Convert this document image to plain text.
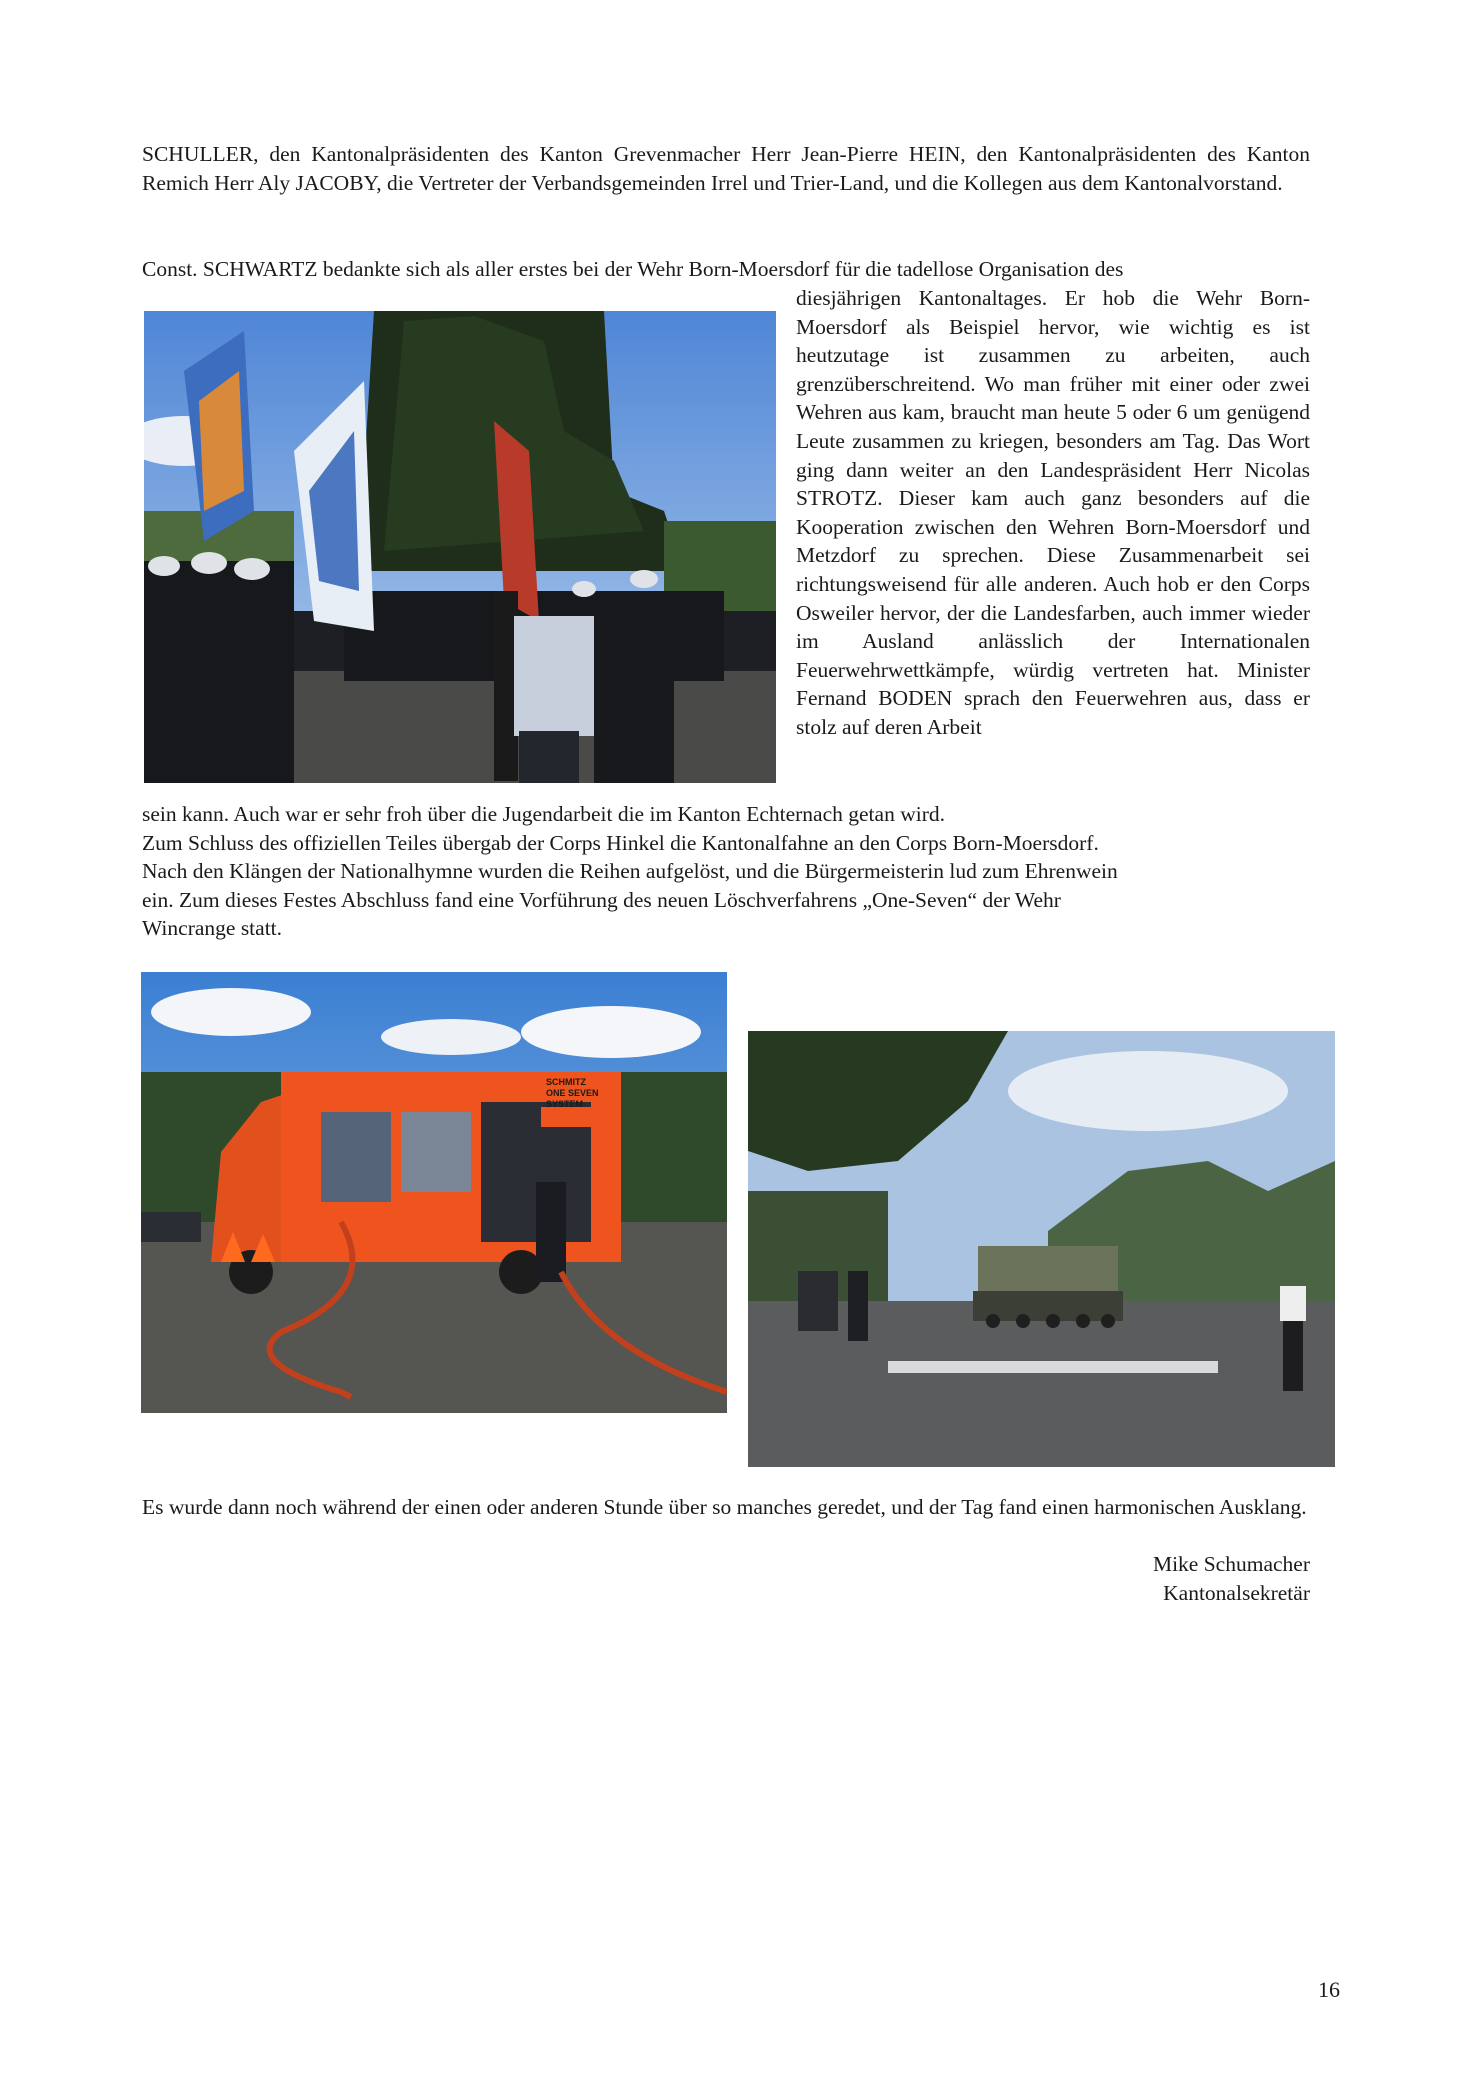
SCHULLER, den Kantonalpräsidenten des Kanton Grevenmacher Herr Jean-Pierre HEIN, den Kantonalpräsidenten des Kanton Remich Herr Aly JACOBY, die Vertreter der Verbandsgemeinden Irrel und Trier-Land, und die Kollegen aus dem Kantonalvorstand.

Const. SCHWARTZ bedankte sich als aller erstes bei der Wehr Born-Moersdorf für die tadellose Organisation des

diesjährigen Kantonaltages. Er hob die Wehr Born-Moersdorf als Beispiel hervor, wie wichtig es ist heutzutage ist zusammen zu arbeiten, auch grenzüberschreitend. Wo man früher mit einer oder zwei Wehren aus kam, braucht man heute 5 oder 6 um genügend Leute zusammen zu kriegen, besonders am Tag. Das Wort ging dann weiter an den Landespräsident Herr Nicolas STROTZ. Dieser kam auch ganz besonders auf die Kooperation zwischen den Wehren Born-Moersdorf und Metzdorf zu sprechen. Diese Zusammenarbeit sei richtungsweisend für alle anderen. Auch hob er den Corps Osweiler hervor, der die Landesfarben, auch immer wieder im Ausland anlässlich der Internationalen Feuerwehrwettkämpfe, würdig vertreten hat. Minister Fernand BODEN sprach den Feuerwehren aus, dass er stolz auf deren Arbeit

sein kann. Auch war er sehr froh über die Jugendarbeit die im Kanton Echternach getan wird.
Zum Schluss des offiziellen Teiles übergab der Corps Hinkel die Kantonalfahne an den Corps Born-Moersdorf.
Nach den Klängen der Nationalhymne wurden die Reihen aufgelöst, und die Bürgermeisterin lud zum Ehrenwein
ein. Zum dieses Festes Abschluss fand eine Vorführung des neuen Löschverfahrens „One-Seven“ der Wehr
Wincrange statt.
SCHMITZ
ONE SEVEN
SYSTEM

Es wurde dann noch während der einen oder anderen Stunde über so manches geredet, und der Tag fand einen harmonischen Ausklang.

Mike Schumacher
Kantonalsekretär
16
